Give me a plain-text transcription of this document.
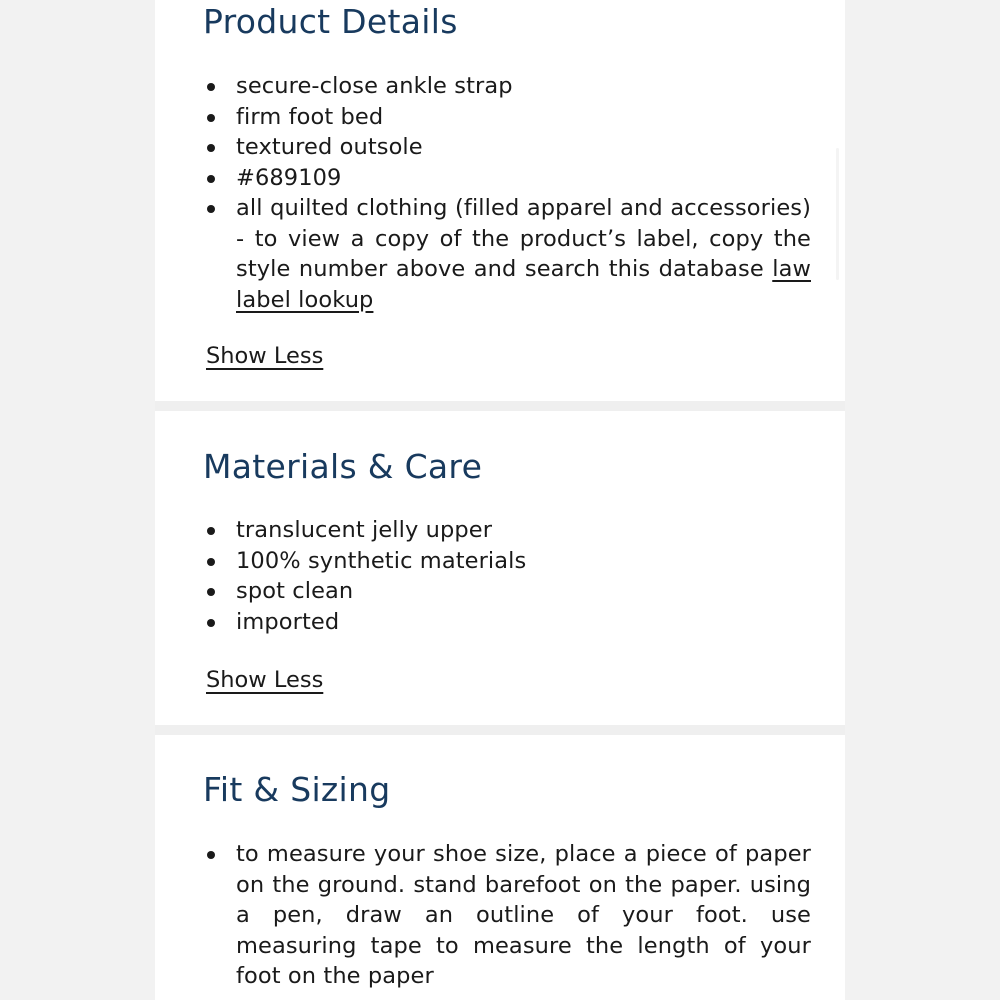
Product Details
secure-close ankle strap
firm foot bed
textured outsole
#689109
all quilted clothing (filled apparel and accessories) - to view a copy of the product’s label, copy the style number above and search this database law label lookup
Show Less
Materials & Care
translucent jelly upper
100% synthetic materials
spot clean
imported
Show Less
Fit & Sizing
to measure your shoe size, place a piece of paper on the ground. stand barefoot on the paper. using a pen, draw an outline of your foot. use measuring tape to measure the length of your foot on the paper
